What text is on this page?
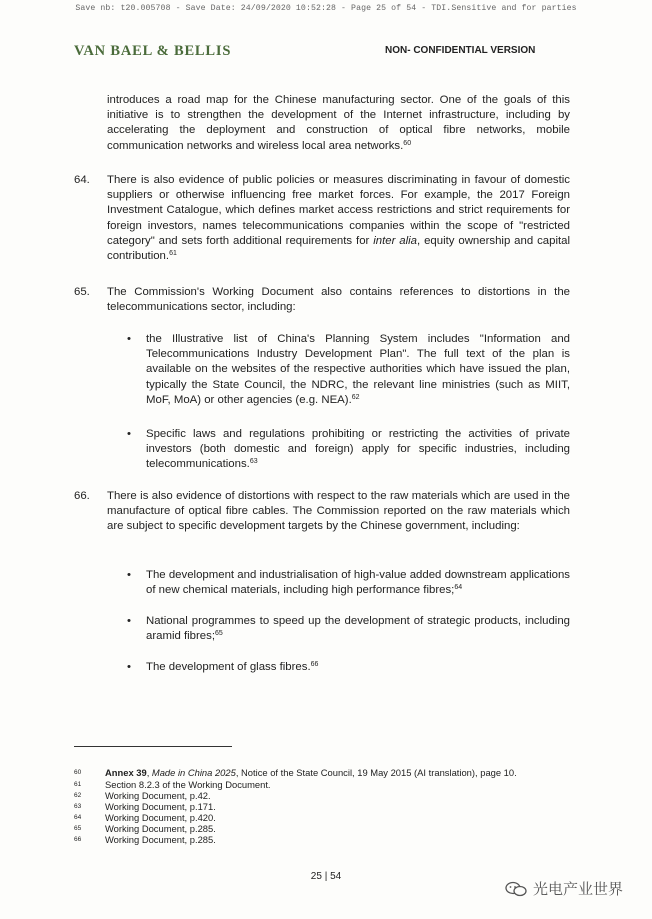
Save nb: t20.005708 - Save Date: 24/09/2020 10:52:28 - Page 25 of 54 - TDI.Sensitive and for parties
VAN BAEL & BELLIS	NON- CONFIDENTIAL VERSION
introduces a road map for the Chinese manufacturing sector. One of the goals of this initiative is to strengthen the development of the Internet infrastructure, including by accelerating the deployment and construction of optical fibre networks, mobile communication networks and wireless local area networks.$^{60}$
64. There is also evidence of public policies or measures discriminating in favour of domestic suppliers or otherwise influencing free market forces. For example, the 2017 Foreign Investment Catalogue, which defines market access restrictions and strict requirements for foreign investors, names telecommunications companies within the scope of "restricted category" and sets forth additional requirements for inter alia, equity ownership and capital contribution.$^{61}$
65. The Commission's Working Document also contains references to distortions in the telecommunications sector, including:
• the Illustrative list of China's Planning System includes "Information and Telecommunications Industry Development Plan". The full text of the plan is available on the websites of the respective authorities which have issued the plan, typically the State Council, the NDRC, the relevant line ministries (such as MIIT, MoF, MoA) or other agencies (e.g. NEA).$^{62}$
• Specific laws and regulations prohibiting or restricting the activities of private investors (both domestic and foreign) apply for specific industries, including telecommunications.$^{63}$
66. There is also evidence of distortions with respect to the raw materials which are used in the manufacture of optical fibre cables. The Commission reported on the raw materials which are subject to specific development targets by the Chinese government, including:
• The development and industrialisation of high-value added downstream applications of new chemical materials, including high performance fibres;$^{64}$
• National programmes to speed up the development of strategic products, including aramid fibres;$^{65}$
• The development of glass fibres.$^{66}$
60	Annex 39, Made in China 2025, Notice of the State Council, 19 May 2015 (AI translation), page 10.
61	Section 8.2.3 of the Working Document.
62	Working Document, p.42.
63	Working Document, p.171.
64	Working Document, p.420.
65	Working Document, p.285.
66	Working Document, p.285.
25 | 54
光电产业世界
